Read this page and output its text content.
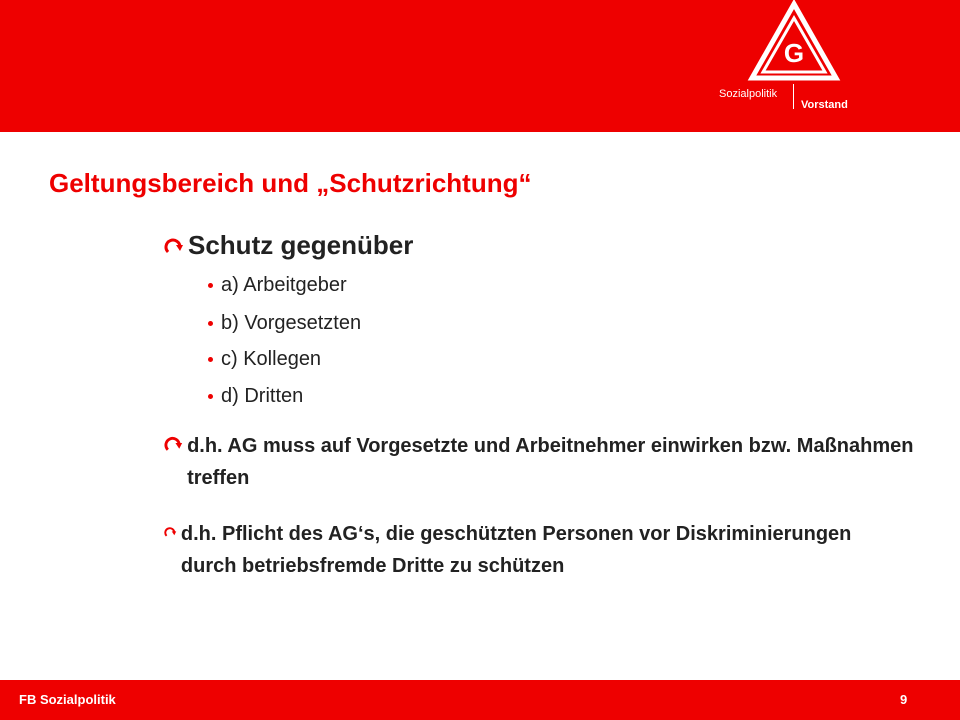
G
Sozialpolitik
Vorstand
Geltungsbereich und „Schutzrichtung“
Schutz gegenüber
a) Arbeitgeber
b) Vorgesetzten
c) Kollegen
d) Dritten
d.h. AG muss auf Vorgesetzte und Arbeitnehmer einwirken bzw. Maßnahmen treffen
d.h. Pflicht des AG‘s, die geschützten Personen vor Diskriminierungen durch betriebsfremde Dritte zu schützen
FB Sozialpolitik	9
